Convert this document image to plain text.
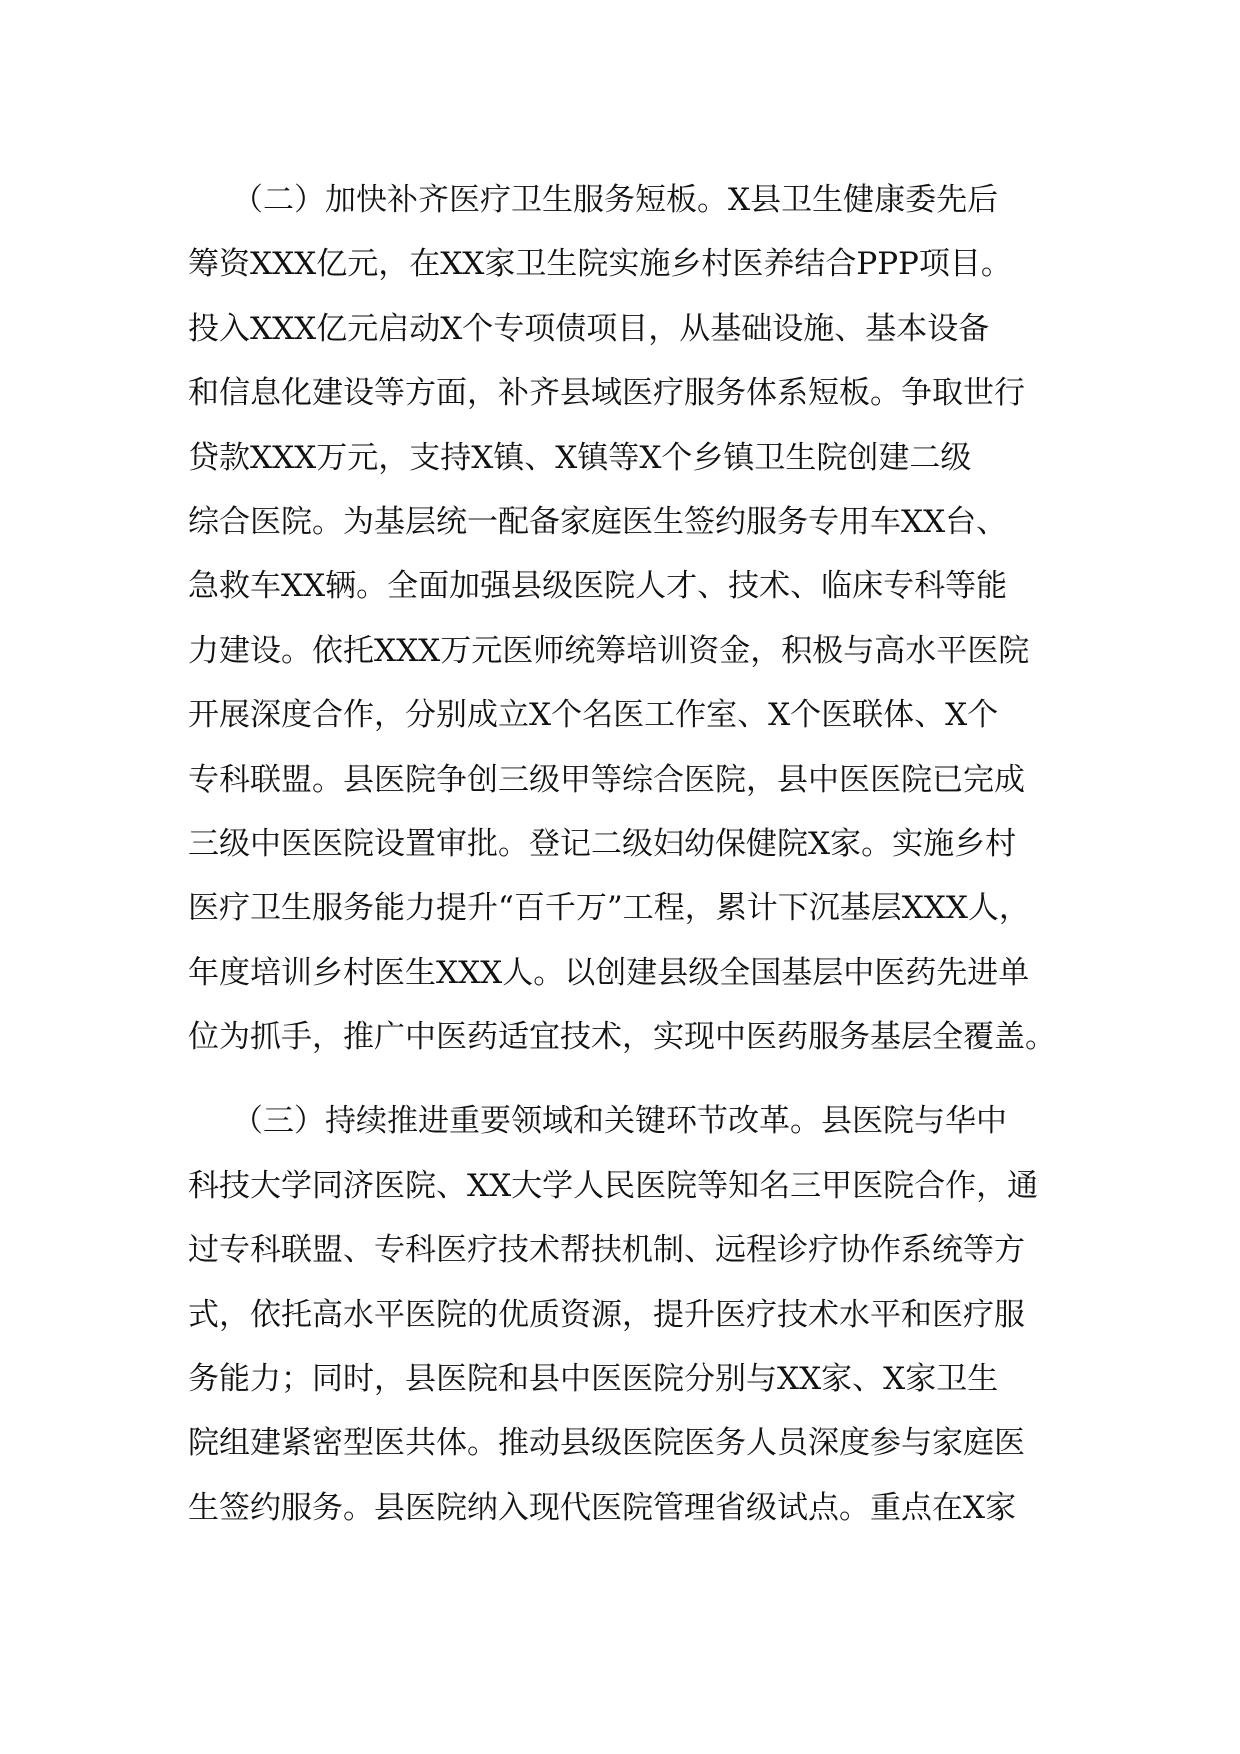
（二）加快补齐医疗卫生服务短板。X县卫生健康委先后
筹资XXX亿元，在XX家卫生院实施乡村医养结合PPP项目。
投入XXX亿元启动X个专项债项目，从基础设施、基本设备
和信息化建设等方面，补齐县域医疗服务体系短板。争取世行
贷款XXX万元，支持X镇、X镇等X个乡镇卫生院创建二级
综合医院。为基层统一配备家庭医生签约服务专用车XX台、
急救车XX辆。全面加强县级医院人才、技术、临床专科等能
力建设。依托XXX万元医师统筹培训资金，积极与高水平医院
开展深度合作，分别成立X个名医工作室、X个医联体、X个
专科联盟。县医院争创三级甲等综合医院，县中医医院已完成
三级中医医院设置审批。登记二级妇幼保健院X家。实施乡村
医疗卫生服务能力提升“百千万”工程，累计下沉基层XXX人，
年度培训乡村医生XXX人。以创建县级全国基层中医药先进单
位为抓手，推广中医药适宜技术，实现中医药服务基层全覆盖。
（三）持续推进重要领域和关键环节改革。县医院与华中
科技大学同济医院、XX大学人民医院等知名三甲医院合作，通
过专科联盟、专科医疗技术帮扶机制、远程诊疗协作系统等方
式，依托高水平医院的优质资源，提升医疗技术水平和医疗服
务能力；同时，县医院和县中医医院分别与XX家、X家卫生
院组建紧密型医共体。推动县级医院医务人员深度参与家庭医
生签约服务。县医院纳入现代医院管理省级试点。重点在X家
